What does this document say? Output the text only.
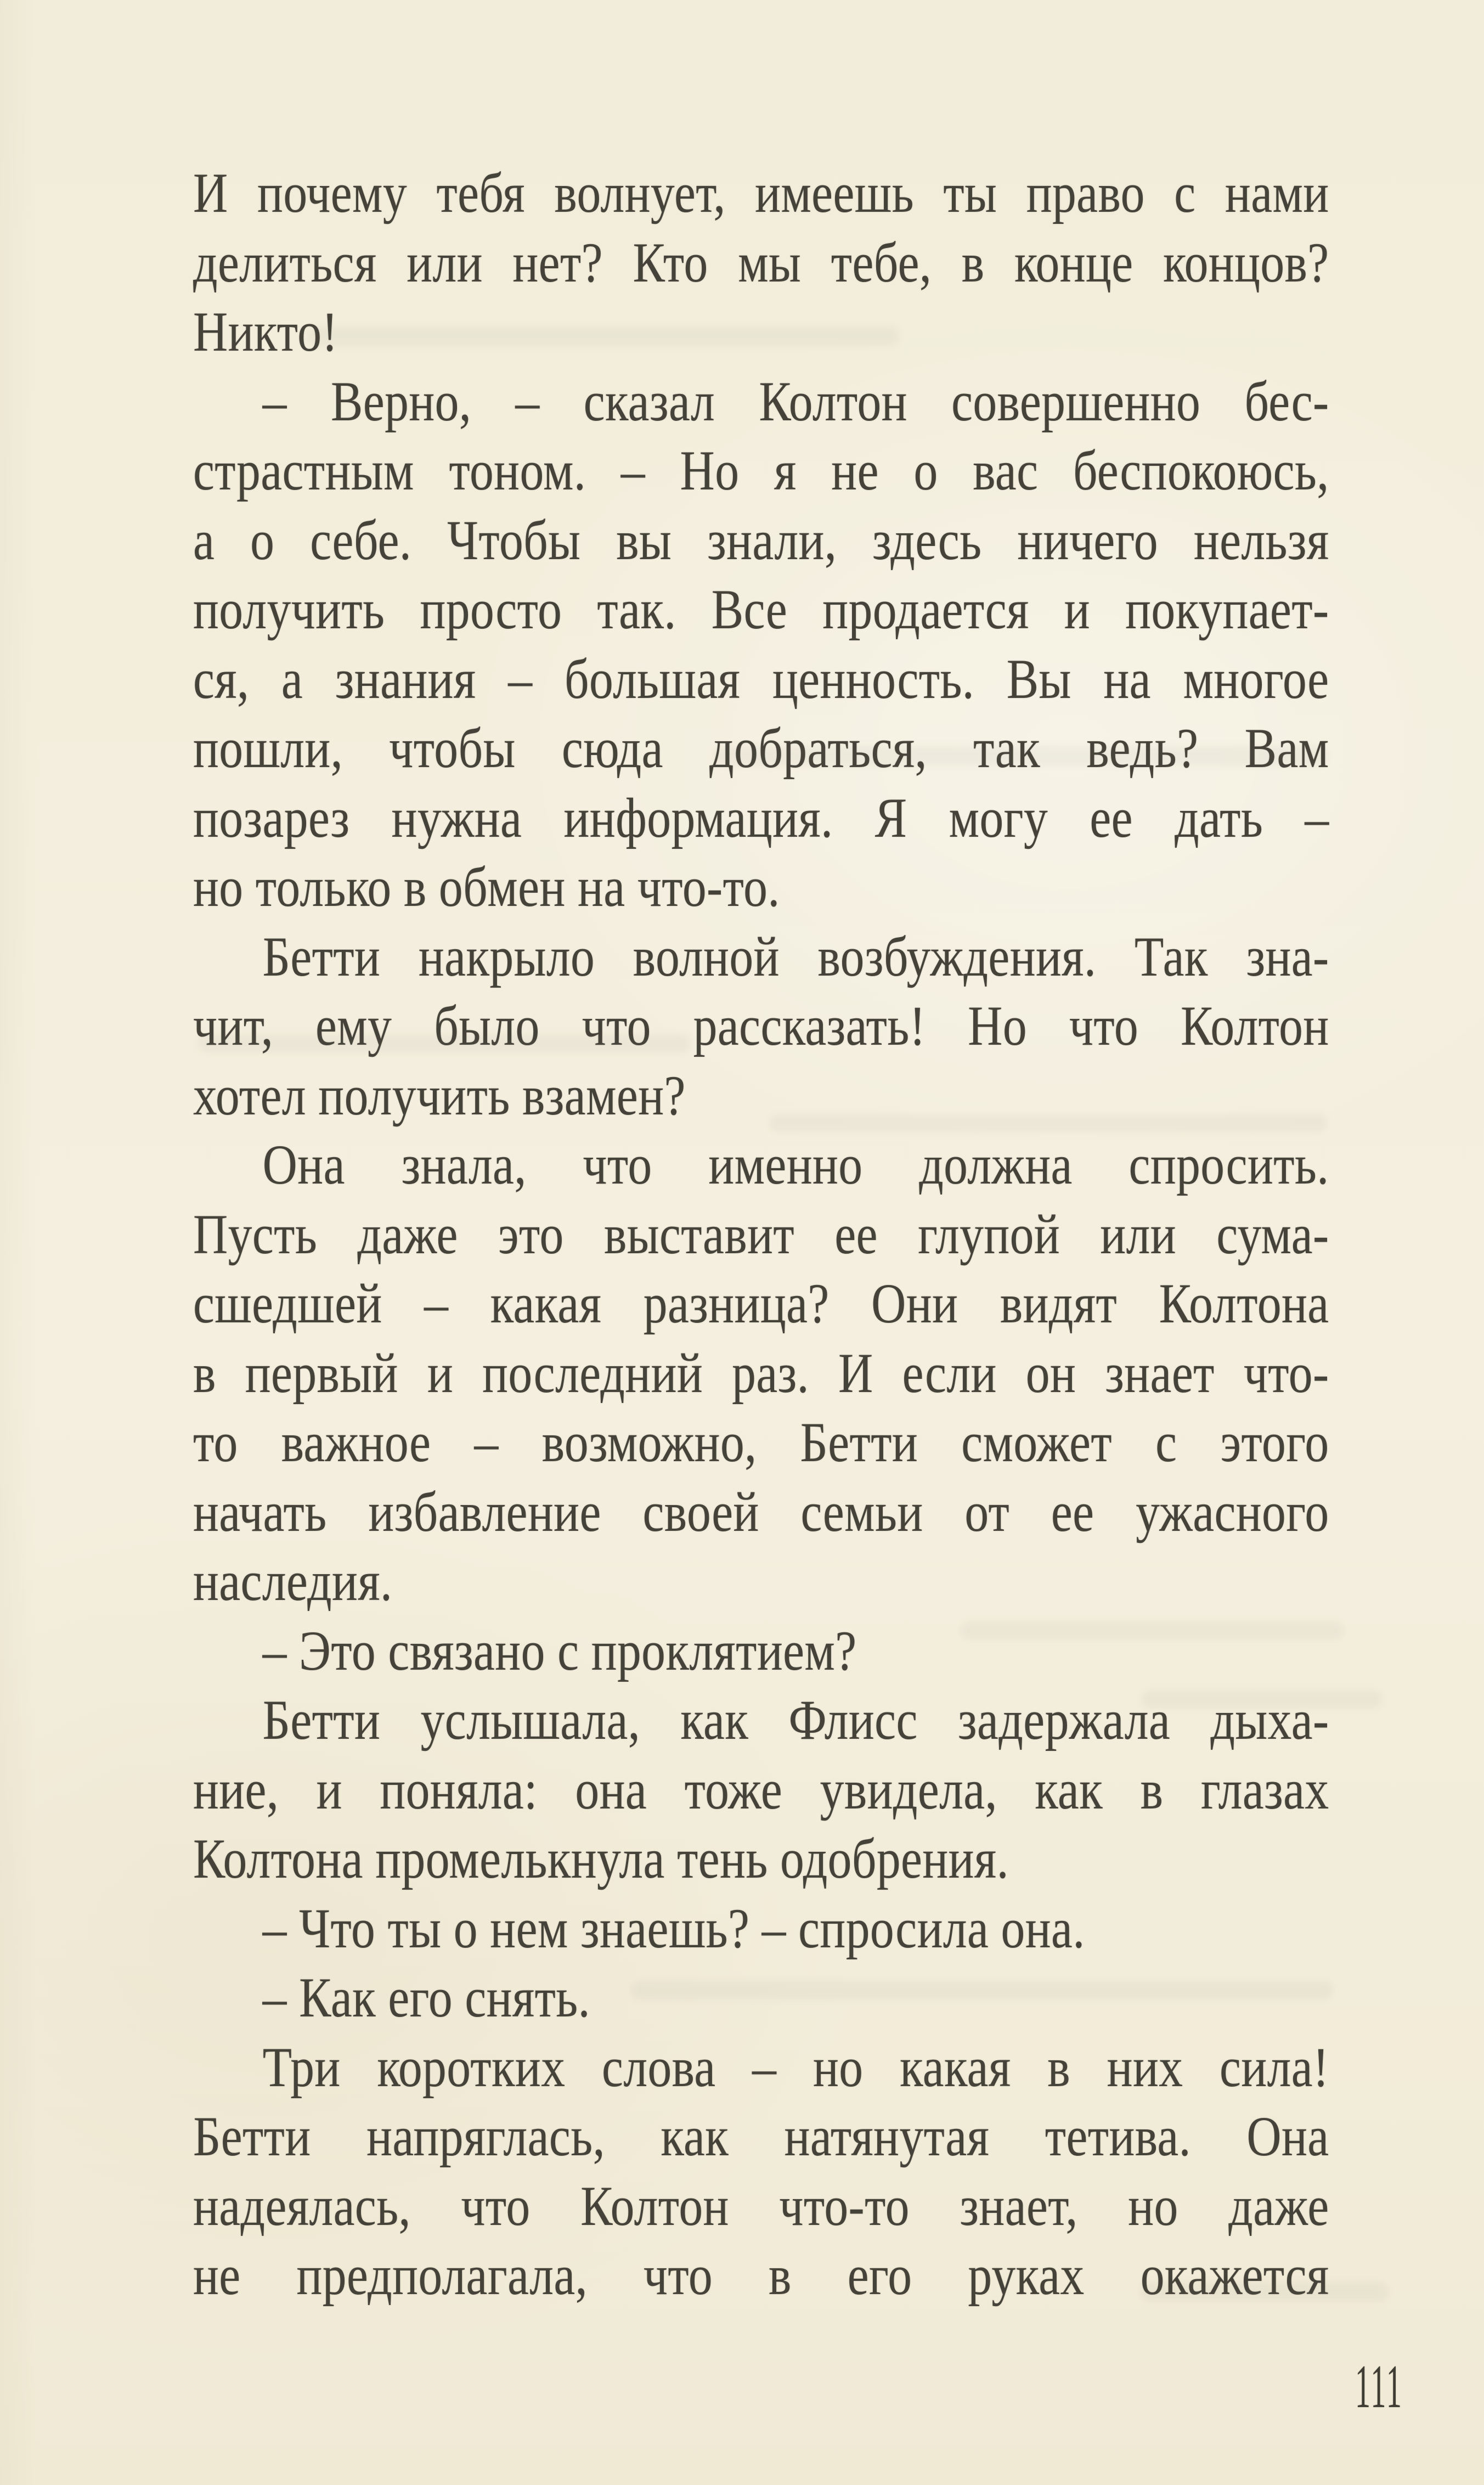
И почему тебя волнует, имеешь ты право с нами
делиться или нет? Кто мы тебе, в конце концов?
Никто!
– Верно, – сказал Колтон совершенно бес-
страстным тоном. – Но я не о вас беспокоюсь,
а о себе. Чтобы вы знали, здесь ничего нельзя
получить просто так. Все продается и покупает-
ся, а знания – большая ценность. Вы на многое
пошли, чтобы сюда добраться, так ведь? Вам
позарез нужна информация. Я могу ее дать –
но только в обмен на что-то.
Бетти накрыло волной возбуждения. Так зна-
чит, ему было что рассказать! Но что Колтон
хотел получить взамен?
Она знала, что именно должна спросить.
Пусть даже это выставит ее глупой или сума-
сшедшей – какая разница? Они видят Колтона
в первый и последний раз. И если он знает что-
то важное – возможно, Бетти сможет с этого
начать избавление своей семьи от ее ужасного
наследия.
– Это связано с проклятием?
Бетти услышала, как Флисс задержала дыха-
ние, и поняла: она тоже увидела, как в глазах
Колтона промелькнула тень одобрения.
– Что ты о нем знаешь? – спросила она.
– Как его снять.
Три коротких слова – но какая в них сила!
Бетти напряглась, как натянутая тетива. Она
надеялась, что Колтон что-то знает, но даже
не предполагала, что в его руках окажется
111
